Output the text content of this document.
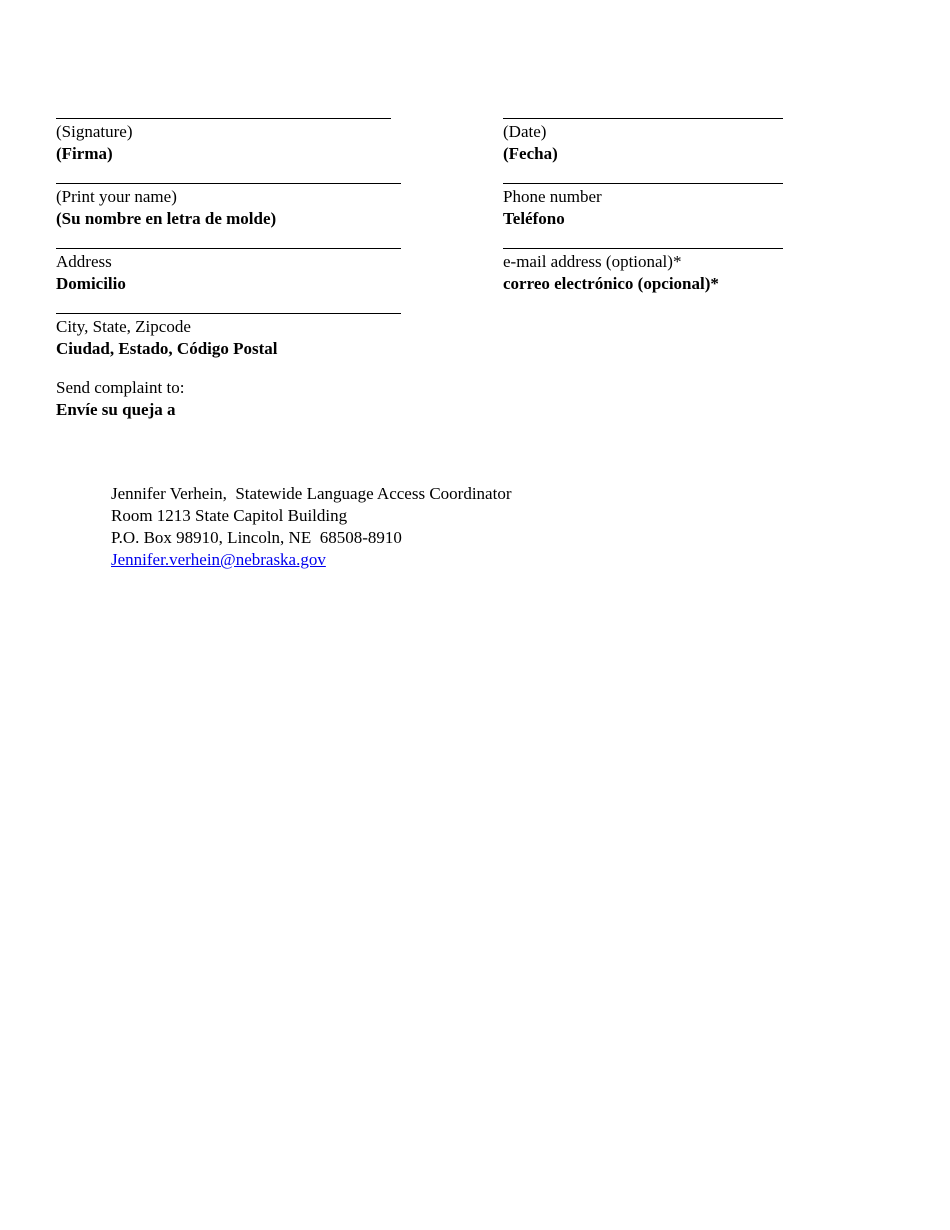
(Signature)
(Firma)
(Date)
(Fecha)
(Print your name)
(Su nombre en letra de molde)
Phone number
Teléfono
Address
Domicilio
e-mail address (optional)*
correo electrónico (opcional)*
City, State, Zipcode
Ciudad, Estado, Código Postal
Send complaint to:
Envíe su queja a
Jennifer Verhein,  Statewide Language Access Coordinator
Room 1213 State Capitol Building
P.O. Box 98910, Lincoln, NE  68508-8910
Jennifer.verhein@nebraska.gov
